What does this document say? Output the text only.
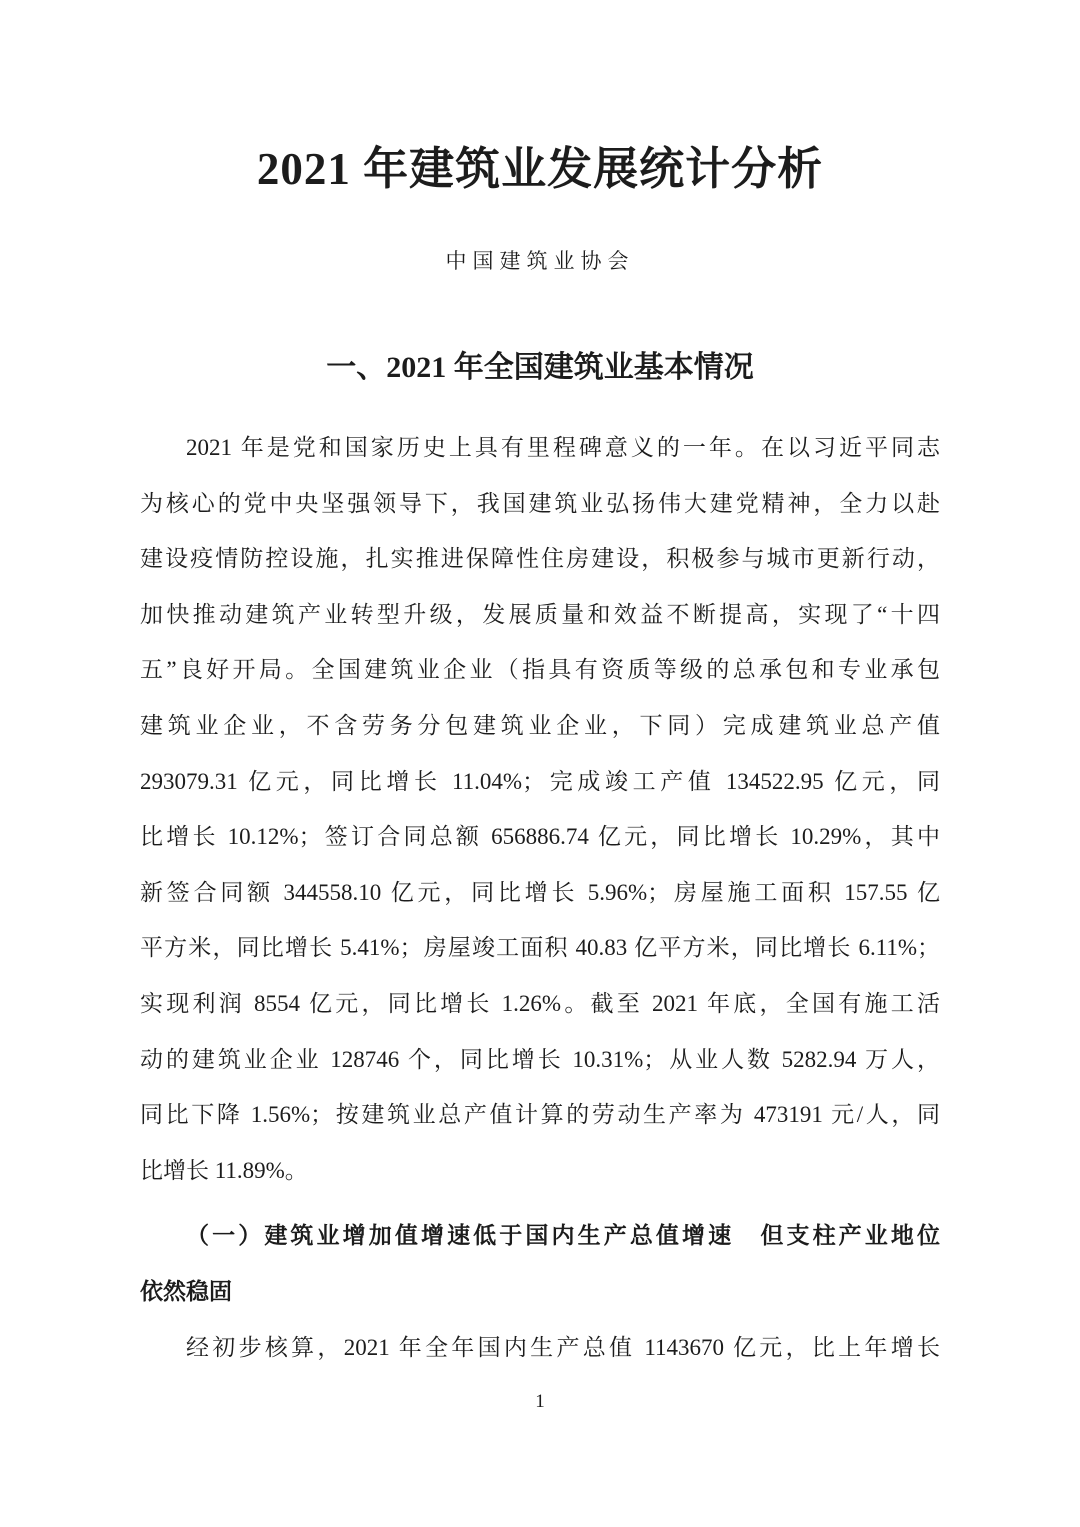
2021 年建筑业发展统计分析
中国建筑业协会
一、2021 年全国建筑业基本情况
2021 年是党和国家历史上具有里程碑意义的一年。在以习近平同志
为核心的党中央坚强领导下，我国建筑业弘扬伟大建党精神，全力以赴
建设疫情防控设施，扎实推进保障性住房建设，积极参与城市更新行动，
加快推动建筑产业转型升级，发展质量和效益不断提高，实现了“十四
五”良好开局。全国建筑业企业（指具有资质等级的总承包和专业承包
建筑业企业，不含劳务分包建筑业企业，下同）完成建筑业总产值
293079.31 亿元，同比增长 11.04%；完成竣工产值 134522.95 亿元，同
比增长 10.12%；签订合同总额 656886.74 亿元，同比增长 10.29%，其中
新签合同额 344558.10 亿元，同比增长 5.96%；房屋施工面积 157.55 亿
平方米，同比增长 5.41%；房屋竣工面积 40.83 亿平方米，同比增长 6.11%；
实现利润 8554 亿元，同比增长 1.26%。截至 2021 年底，全国有施工活
动的建筑业企业 128746 个，同比增长 10.31%；从业人数 5282.94 万人，
同比下降 1.56%；按建筑业总产值计算的劳动生产率为 473191 元/人，同
比增长 11.89%。
（一）建筑业增加值增速低于国内生产总值增速　但支柱产业地位
依然稳固
经初步核算，2021 年全年国内生产总值 1143670 亿元，比上年增长
1
